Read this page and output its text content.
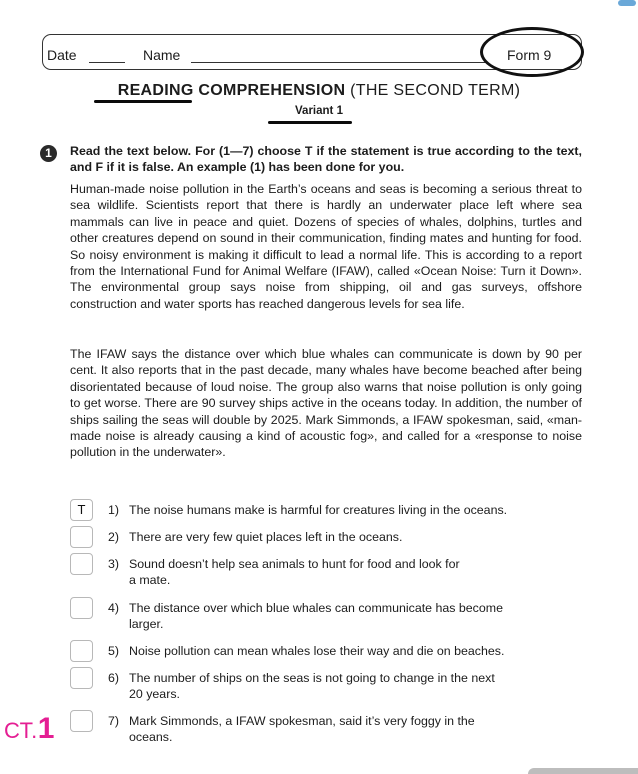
Date	Name	Form 9
READING COMPREHENSION (THE SECOND TERM)
Variant 1
1	Read the text below. For (1—7) choose T if the statement is true according to the text, and F if it is false. An example (1) has been done for you.

Human-made noise pollution in the Earth’s oceans and seas is becoming a serious threat to sea wildlife. Scientists report that there is hardly an underwater place left where sea mammals can live in peace and quiet. Dozens of species of whales, dolphins, turtles and other creatures depend on sound in their communication, finding mates and hunting for food. So noisy environment is making it difficult to lead a normal life. This is according to a report from the International Fund for Animal Welfare (IFAW), called «Ocean Noise: Turn it Down». The environmental group says noise from shipping, oil and gas surveys, offshore construction and water sports has reached dangerous levels for sea life.

The IFAW says the distance over which blue whales can communicate is down by 90 per cent. It also reports that in the past decade, many whales have become beached after being disorientated because of loud noise. The group also warns that noise pollution is only going to get worse. There are 90 survey ships active in the oceans today. In addition, the number of ships sailing the seas will double by 2025. Mark Simmonds, a IFAW spokesman, said, «man-made noise is already causing a kind of acoustic fog», and called for a «response to noise pollution in the underwater».

T	1) The noise humans make is harmful for creatures living in the oceans.
2) There are very few quiet places left in the oceans.
3) Sound doesn’t help sea animals to hunt for food and look for
a mate.
4) The distance over which blue whales can communicate has become
larger.
5) Noise pollution can mean whales lose their way and die on beaches.
6) The number of ships on the seas is not going to change in the next
20 years.
7) Mark Simmonds, a IFAW spokesman, said it’s very foggy in the
oceans.
СТ.1
